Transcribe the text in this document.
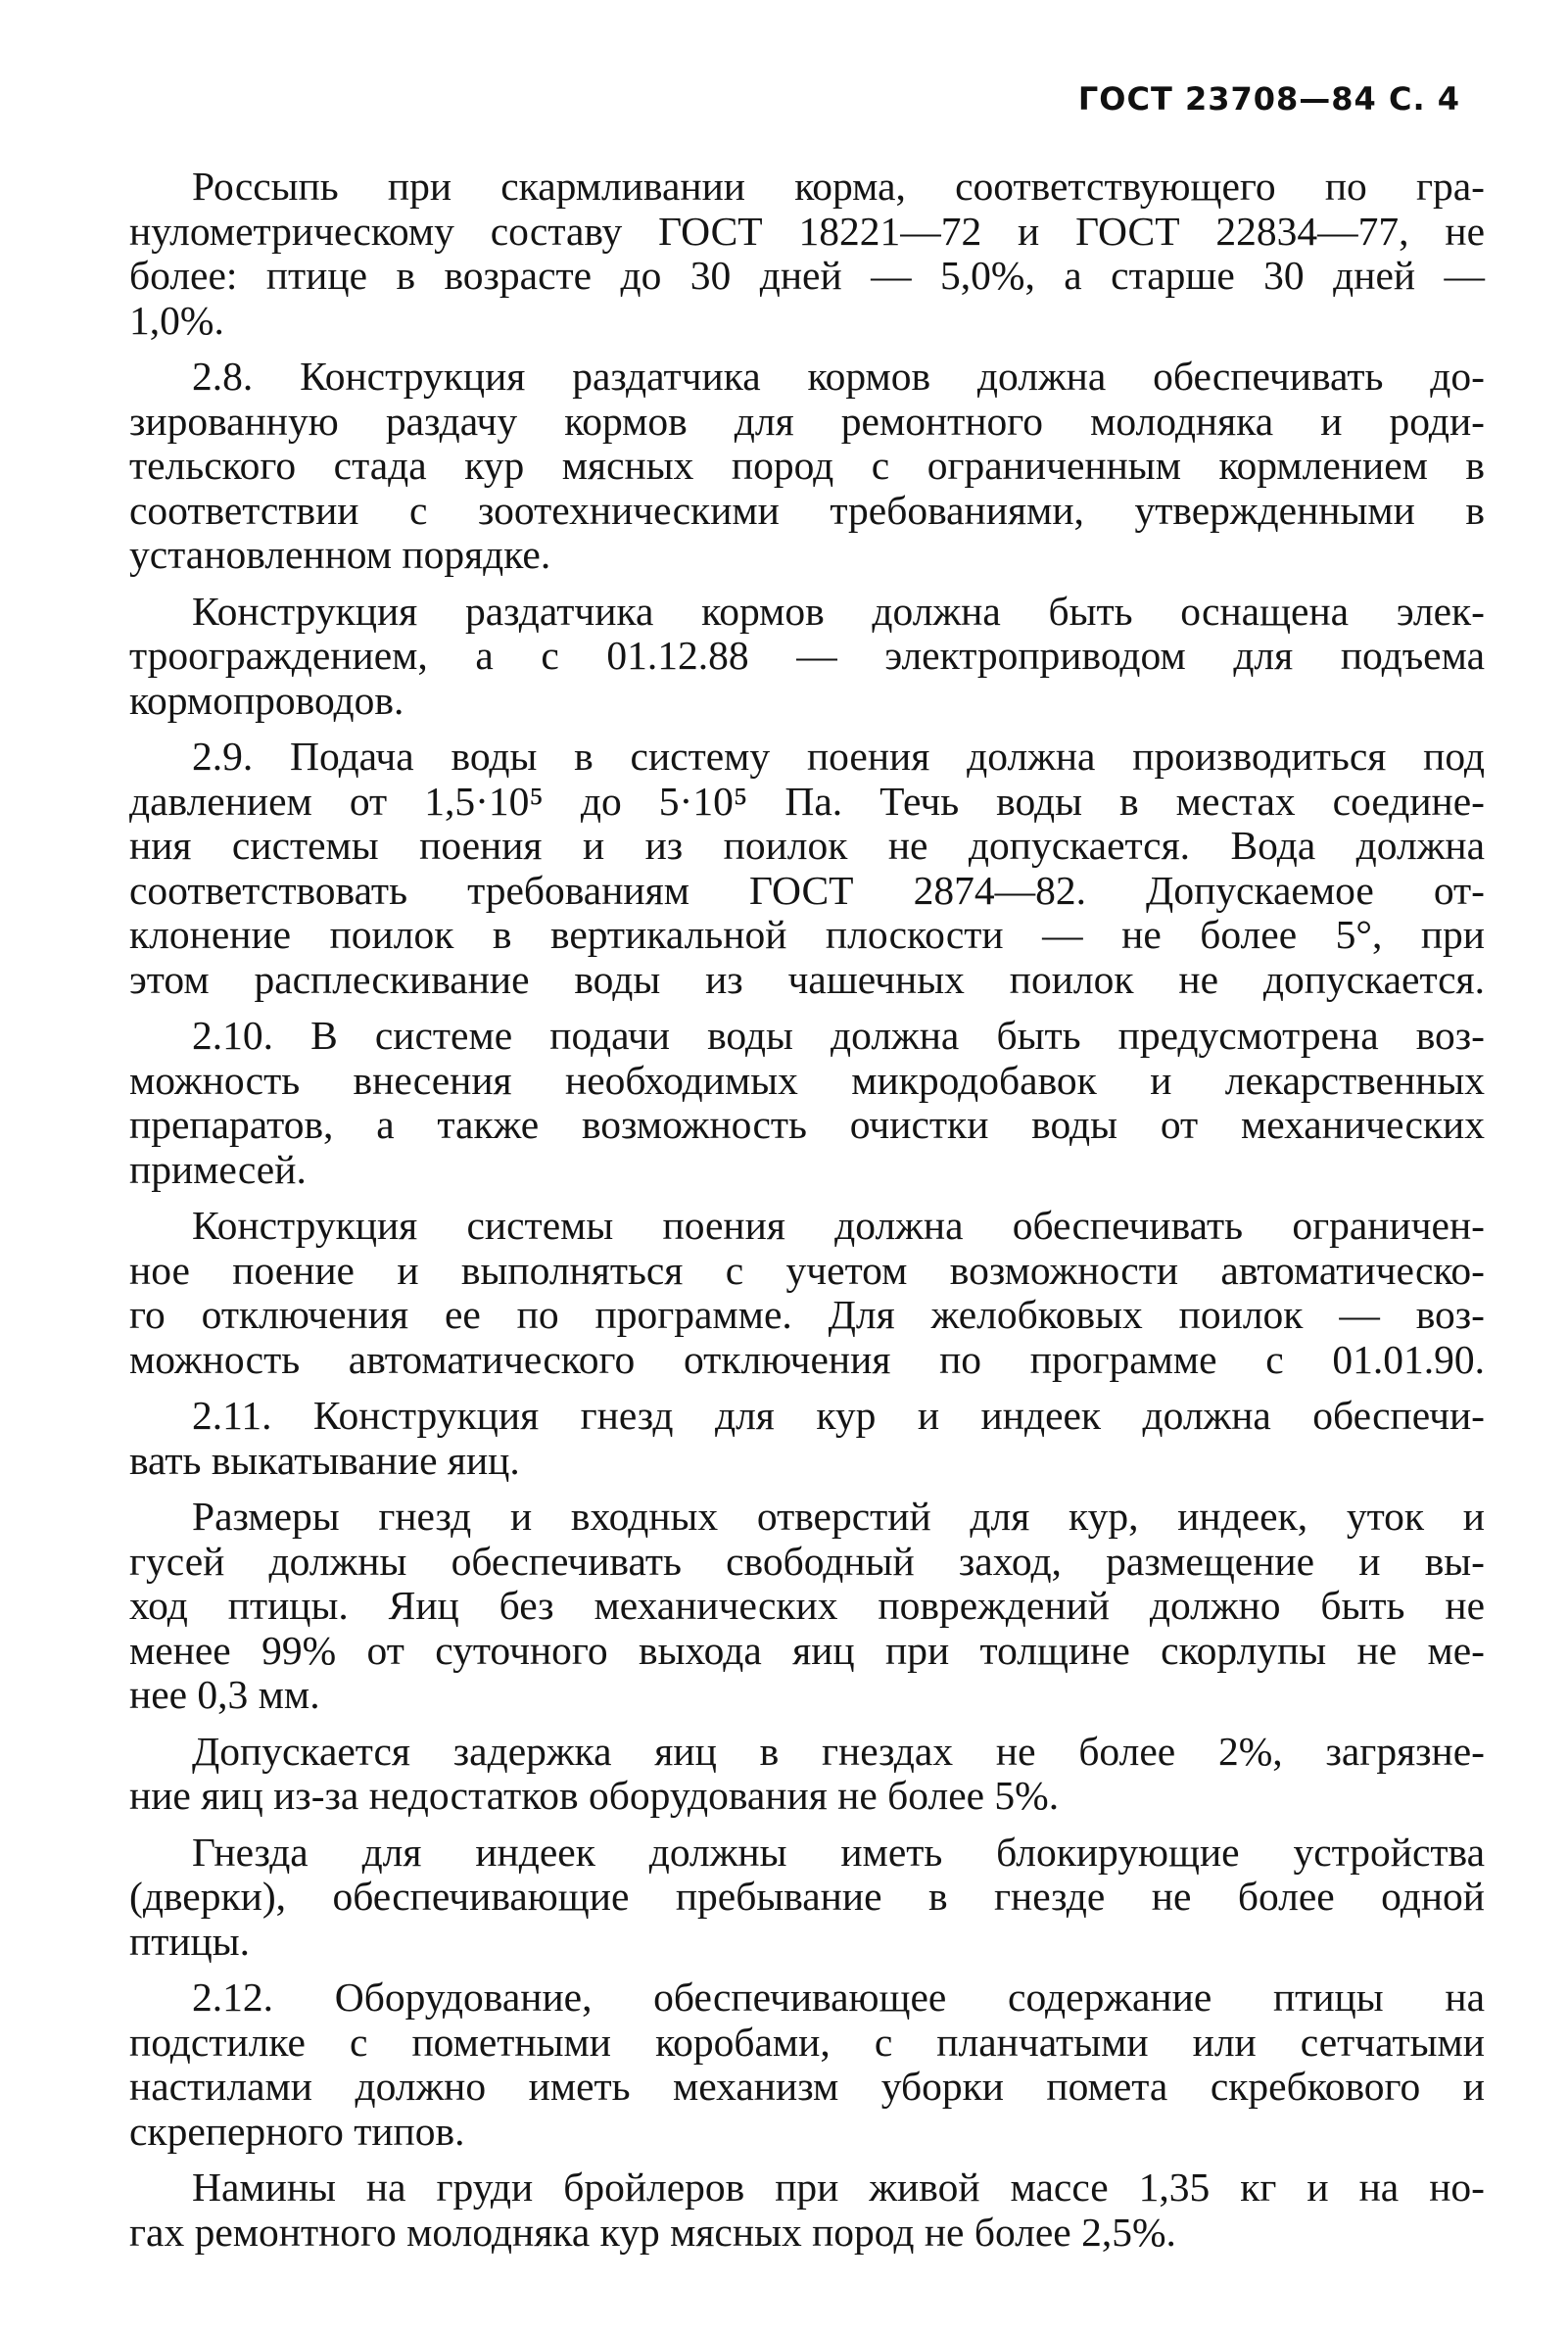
ГОСТ 23708—84 С. 4
Россыпь при скармливании корма, соответствующего по гра-
нулометрическому составу ГОСТ 18221—72 и ГОСТ 22834—77, не
более: птице в возрасте до 30 дней — 5,0%, а старше 30 дней —
1,0%.
2.8. Конструкция раздатчика кормов должна обеспечивать до-
зированную раздачу кормов для ремонтного молодняка и роди-
тельского стада кур мясных пород с ограниченным кормлением в
соответствии с зоотехническими требованиями, утвержденными в
установленном порядке.
Конструкция раздатчика кормов должна быть оснащена элек-
троограждением, а с 01.12.88 — электроприводом для подъема
кормопроводов.
2.9. Подача воды в систему поения должна производиться под
давлением от 1,5·10⁵ до 5·10⁵ Па. Течь воды в местах соедине-
ния системы поения и из поилок не допускается. Вода должна
соответствовать требованиям ГОСТ 2874—82. Допускаемое от-
клонение поилок в вертикальной плоскости — не более 5°, при
этом расплескивание воды из чашечных поилок не допускается.
2.10. В системе подачи воды должна быть предусмотрена воз-
можность внесения необходимых микродобавок и лекарственных
препаратов, а также возможность очистки воды от механических
примесей.
Конструкция системы поения должна обеспечивать ограничен-
ное поение и выполняться с учетом возможности автоматическо-
го отключения ее по программе. Для желобковых поилок — воз-
можность автоматического отключения по программе с 01.01.90.
2.11. Конструкция гнезд для кур и индеек должна обеспечи-
вать выкатывание яиц.
Размеры гнезд и входных отверстий для кур, индеек, уток и
гусей должны обеспечивать свободный заход, размещение и вы-
ход птицы. Яиц без механических повреждений должно быть не
менее 99% от суточного выхода яиц при толщине скорлупы не ме-
нее 0,3 мм.
Допускается задержка яиц в гнездах не более 2%, загрязне-
ние яиц из-за недостатков оборудования не более 5%.
Гнезда для индеек должны иметь блокирующие устройства
(дверки), обеспечивающие пребывание в гнезде не более одной
птицы.
2.12. Оборудование, обеспечивающее содержание птицы на
подстилке с пометными коробами, с планчатыми или сетчатыми
настилами должно иметь механизм уборки помета скребкового и
скреперного типов.
Намины на груди бройлеров при живой массе 1,35 кг и на но-
гах ремонтного молодняка кур мясных пород не более 2,5%.
